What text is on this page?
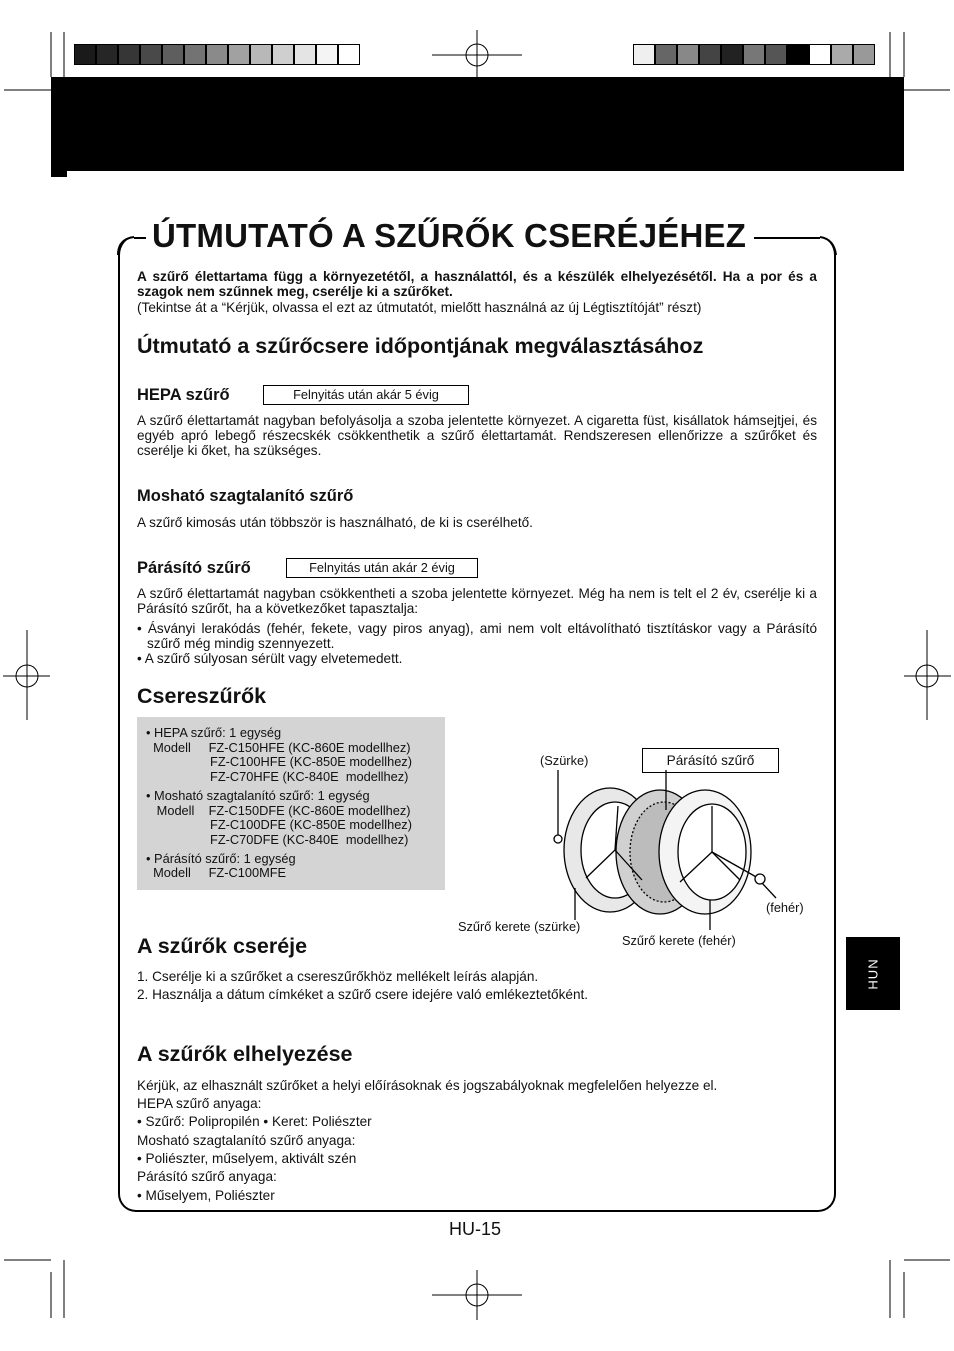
ÚTMUTATÓ A SZŰRŐK CSERÉJÉHEZ
A szűrő élettartama függ a környezetétől, a használattól, és a készülék elhelyezésétől. Ha a por és a szagok nem szűnnek meg, cserélje ki a szűrőket.
(Tekintse át a “Kérjük, olvassa el ezt az útmutatót, mielőtt használná az új Légtisztítóját” részt)
Útmutató a szűrőcsere időpontjának megválasztásához
HEPA szűrő	Felnyitás után akár 5 évig
A szűrő élettartamát nagyban befolyásolja a szoba jelentette környezet. A cigaretta füst, kisállatok hámsejtjei, és egyéb apró lebegő részecskék csökkenthetik a szűrő élettartamát. Rendszeresen ellenőrizze a szűrőket és cserélje ki őket, ha szükséges.
Mosható szagtalanító szűrő
A szűrő kimosás után többször is használható, de ki is cserélhető.
Párásító szűrő	Felnyitás után akár 2 évig
A szűrő élettartamát nagyban csökkentheti a szoba jelentette környezet. Még ha nem is telt el 2 év, cserélje ki a Párásító szűrőt, ha a következőket tapasztalja:
• Ásványi lerakódás (fehér, fekete, vagy piros anyag), ami nem volt eltávolítható tisztításkor vagy a Párásító szűrő még mindig szennyezett.
• A szűrő súlyosan sérült vagy elvetemedett.
Csereszűrők
• HEPA szűrő: 1 egység
Modell     FZ-C150HFE (KC-860E modellhez)
FZ-C100HFE (KC-850E modellhez)
FZ-C70HFE (KC-840E  modellhez)
• Mosható szagtalanító szűrő: 1 egység
Modell    FZ-C150DFE (KC-860E modellhez)
FZ-C100DFE (KC-850E modellhez)
FZ-C70DFE (KC-840E  modellhez)
• Párásító szűrő: 1 egység
Modell     FZ-C100MFE
(Szürke)	Párásító szűrő
(fehér)
Szűrő kerete (szürke)
Szűrő kerete (fehér)
A szűrők cseréje
1. Cserélje ki a szűrőket a csereszűrőkhöz mellékelt leírás alapján.
2. Használja a dátum címkéket a szűrő csere idejére való emlékeztetőként.
A szűrők elhelyezése
Kérjük, az elhasznált szűrőket a helyi előírásoknak és jogszabályoknak megfelelően helyezze el.
HEPA szűrő anyaga:
• Szűrő: Polipropilén • Keret: Poliészter
Mosható szagtalanító szűrő anyaga:
• Poliészter, műselyem, aktivált szén
Párásító szűrő anyaga:
• Műselyem, Poliészter
HUN
HU-15
